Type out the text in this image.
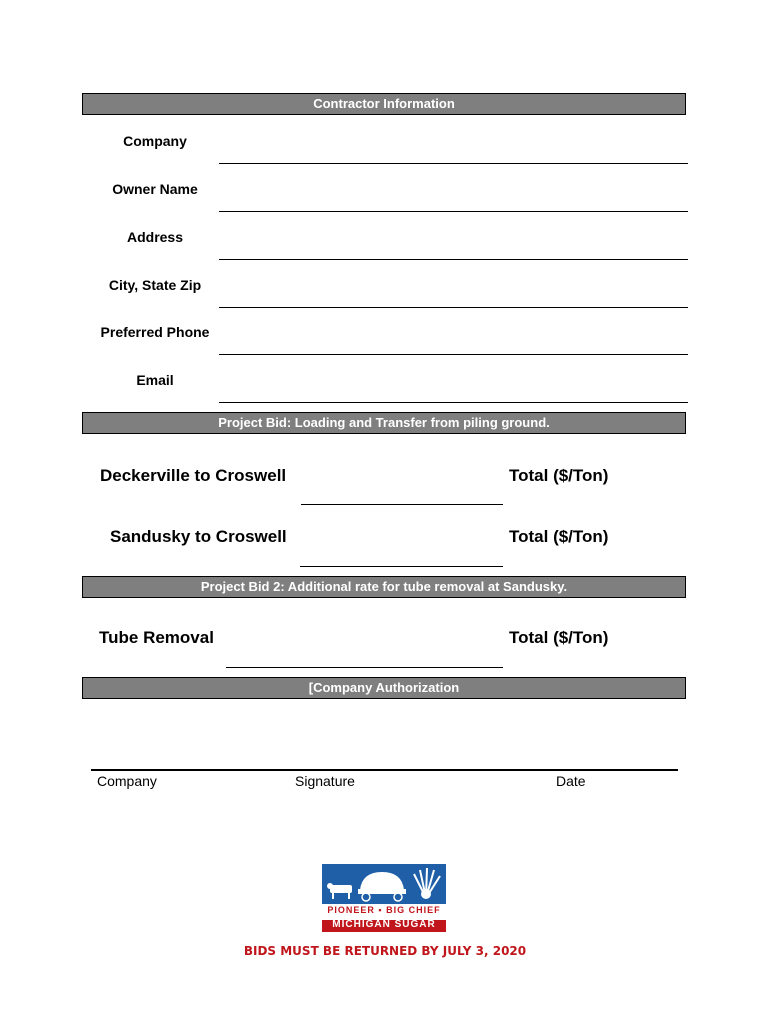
Contractor Information
Company
Owner Name
Address
City, State Zip
Preferred Phone
Email
Project Bid: Loading and Transfer from piling ground.
Deckerville to Croswell	Total ($/Ton)
Sandusky to Croswell	Total ($/Ton)
Project Bid 2: Additional rate for tube removal at Sandusky.
Tube Removal	Total ($/Ton)
[Company Authorization
Company	Signature	Date
PIONEER • BIG CHIEF
MICHIGAN SUGAR
BIDS MUST BE RETURNED BY JULY 3, 2020
